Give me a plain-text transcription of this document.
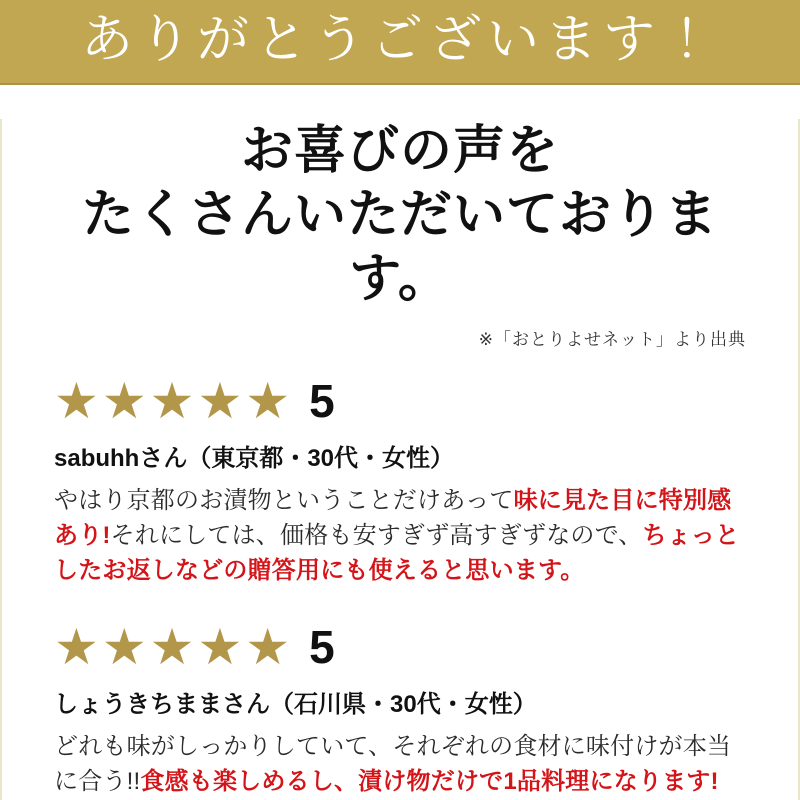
ありがとうございます！
お喜びの声を
たくさんいただいております。

※「おとりよせネット」より出典

★★★★★ 5

sabuhhさん（東京都・30代・女性）

やはり京都のお漬物ということだけあって味に見た目に特別感あり!それにしては、価格も安すぎず高すぎずなので、ちょっとしたお返しなどの贈答用にも使えると思います。

★★★★★ 5

しょうきちままさん（石川県・30代・女性）

どれも味がしっかりしていて、それぞれの食材に味付けが本当に合う!!食感も楽しめるし、漬け物だけで1品料理になります!
